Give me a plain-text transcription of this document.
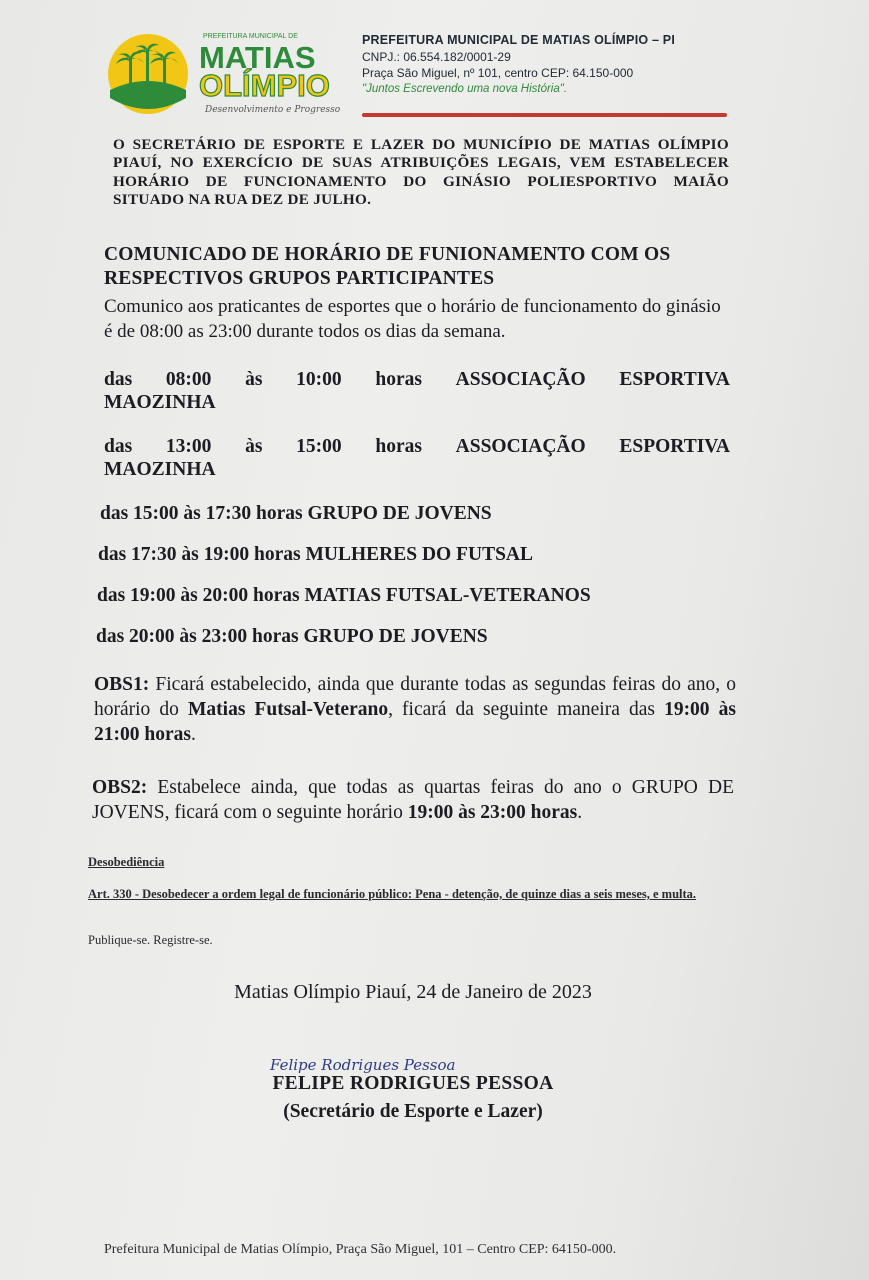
PREFEITURA MUNICIPAL DE
MATIAS
OLÍMPIO
Desenvolvimento e Progresso
PREFEITURA MUNICIPAL DE MATIAS OLÍMPIO – PI
CNPJ.: 06.554.182/0001-29
Praça São Miguel, nº 101, centro CEP: 64.150-000
"Juntos Escrevendo uma nova História".
O SECRETÁRIO DE ESPORTE E LAZER DO MUNICÍPIO DE MATIAS OLÍMPIO PIAUÍ, NO EXERCÍCIO DE SUAS ATRIBUIÇÕES LEGAIS, VEM ESTABELECER HORÁRIO DE FUNCIONAMENTO DO GINÁSIO POLIESPORTIVO MAIÃO SITUADO NA RUA DEZ DE JULHO.
COMUNICADO DE HORÁRIO DE FUNIONAMENTO COM OS RESPECTIVOS GRUPOS PARTICIPANTES
Comunico aos praticantes de esportes que o horário de funcionamento do ginásio é de 08:00 as 23:00 durante todos os dias da semana.
das 08:00 às 10:00 horas ASSOCIAÇÃO ESPORTIVA
MAOZINHA
das 13:00 às 15:00 horas ASSOCIAÇÃO ESPORTIVA
MAOZINHA
das 15:00 às 17:30 horas GRUPO DE JOVENS
das 17:30 às 19:00 horas MULHERES DO FUTSAL
das 19:00 às 20:00 horas MATIAS FUTSAL-VETERANOS
das 20:00 às 23:00 horas GRUPO DE JOVENS
OBS1: Ficará estabelecido, ainda que durante todas as segundas feiras do ano, o horário do Matias Futsal-Veterano, ficará da seguinte maneira das 19:00 às 21:00 horas.
OBS2: Estabelece ainda, que todas as quartas feiras do ano o GRUPO DE JOVENS, ficará com o seguinte horário 19:00 às 23:00 horas.
Desobediência
Art. 330 - Desobedecer a ordem legal de funcionário público: Pena - detenção, de quinze dias a seis meses, e multa.
Publique-se. Registre-se.
Matias Olímpio Piauí, 24 de Janeiro de 2023
Felipe Rodrigues Pessoa
FELIPE RODRIGUES PESSOA
(Secretário de Esporte e Lazer)
Prefeitura Municipal de Matias Olímpio, Praça São Miguel, 101 – Centro CEP: 64150-000.
